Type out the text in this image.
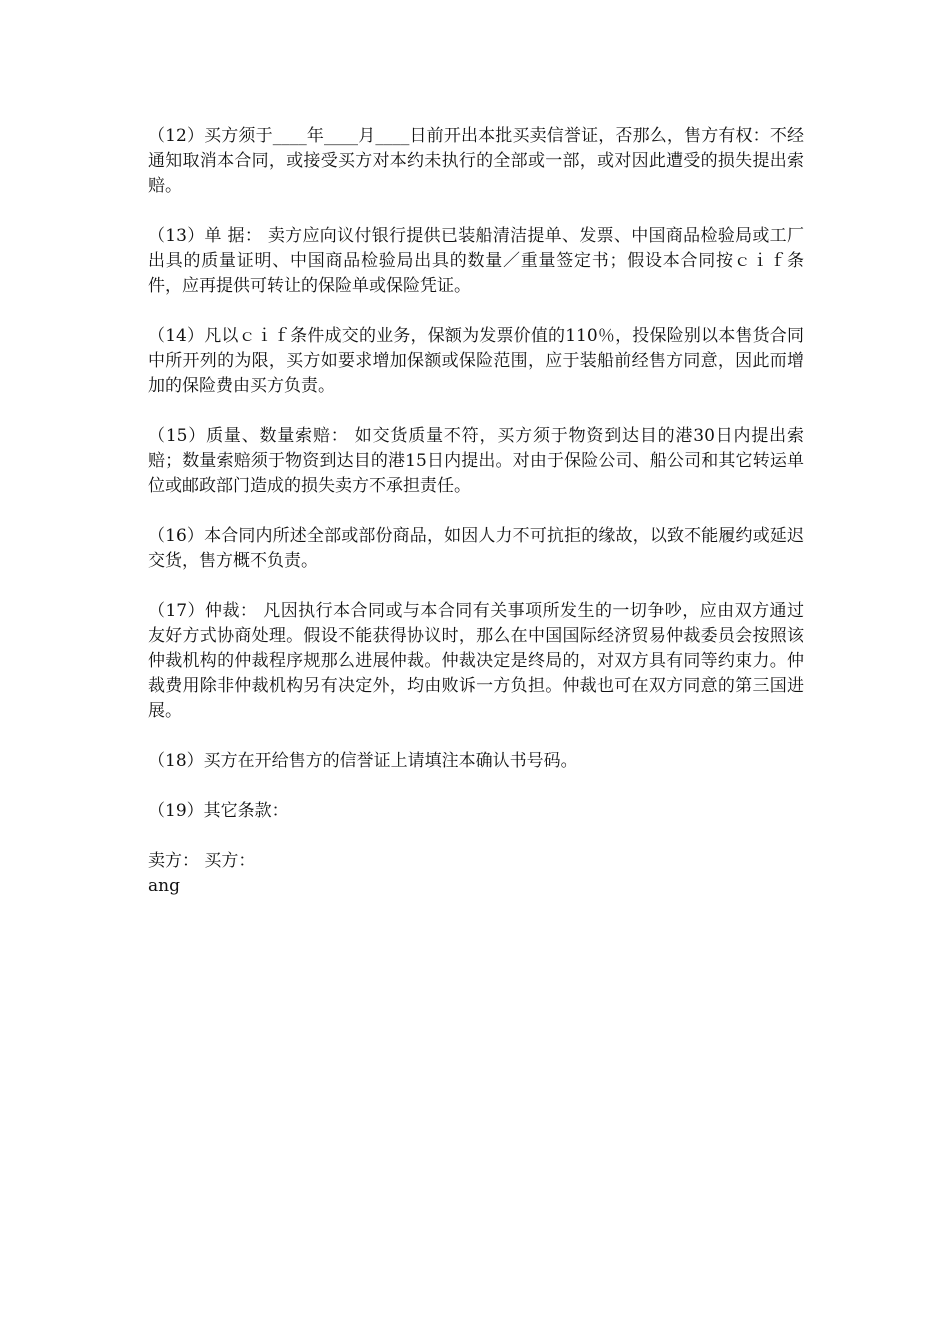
（12）买方须于____年____月____日前开出本批买卖信誉证，否那么，售方有权：不经通知取消本合同，或接受买方对本约未执行的全部或一部，或对因此遭受的损失提出索赔。

（13）单 据： 卖方应向议付银行提供已装船清洁提单、发票、中国商品检验局或工厂出具的质量证明、中国商品检验局出具的数量／重量签定书；假设本合同按ｃｉｆ条件，应再提供可转让的保险单或保险凭证。

（14）凡以ｃｉｆ条件成交的业务，保额为发票价值的110％，投保险别以本售货合同中所开列的为限，买方如要求增加保额或保险范围，应于装船前经售方同意，因此而增加的保险费由买方负责。

（15）质量、数量索赔： 如交货质量不符，买方须于物资到达目的港30日内提出索赔；数量索赔须于物资到达目的港15日内提出。对由于保险公司、船公司和其它转运单位或邮政部门造成的损失卖方不承担责任。

（16）本合同内所述全部或部份商品，如因人力不可抗拒的缘故，以致不能履约或延迟交货，售方概不负责。

（17）仲裁： 凡因执行本合同或与本合同有关事项所发生的一切争吵，应由双方通过友好方式协商处理。假设不能获得协议时，那么在中国国际经济贸易仲裁委员会按照该仲裁机构的仲裁程序规那么进展仲裁。仲裁决定是终局的，对双方具有同等约束力。仲裁费用除非仲裁机构另有决定外，均由败诉一方负担。仲裁也可在双方同意的第三国进展。

（18）买方在开给售方的信誉证上请填注本确认书号码。

（19）其它条款：

卖方： 买方：

ang
